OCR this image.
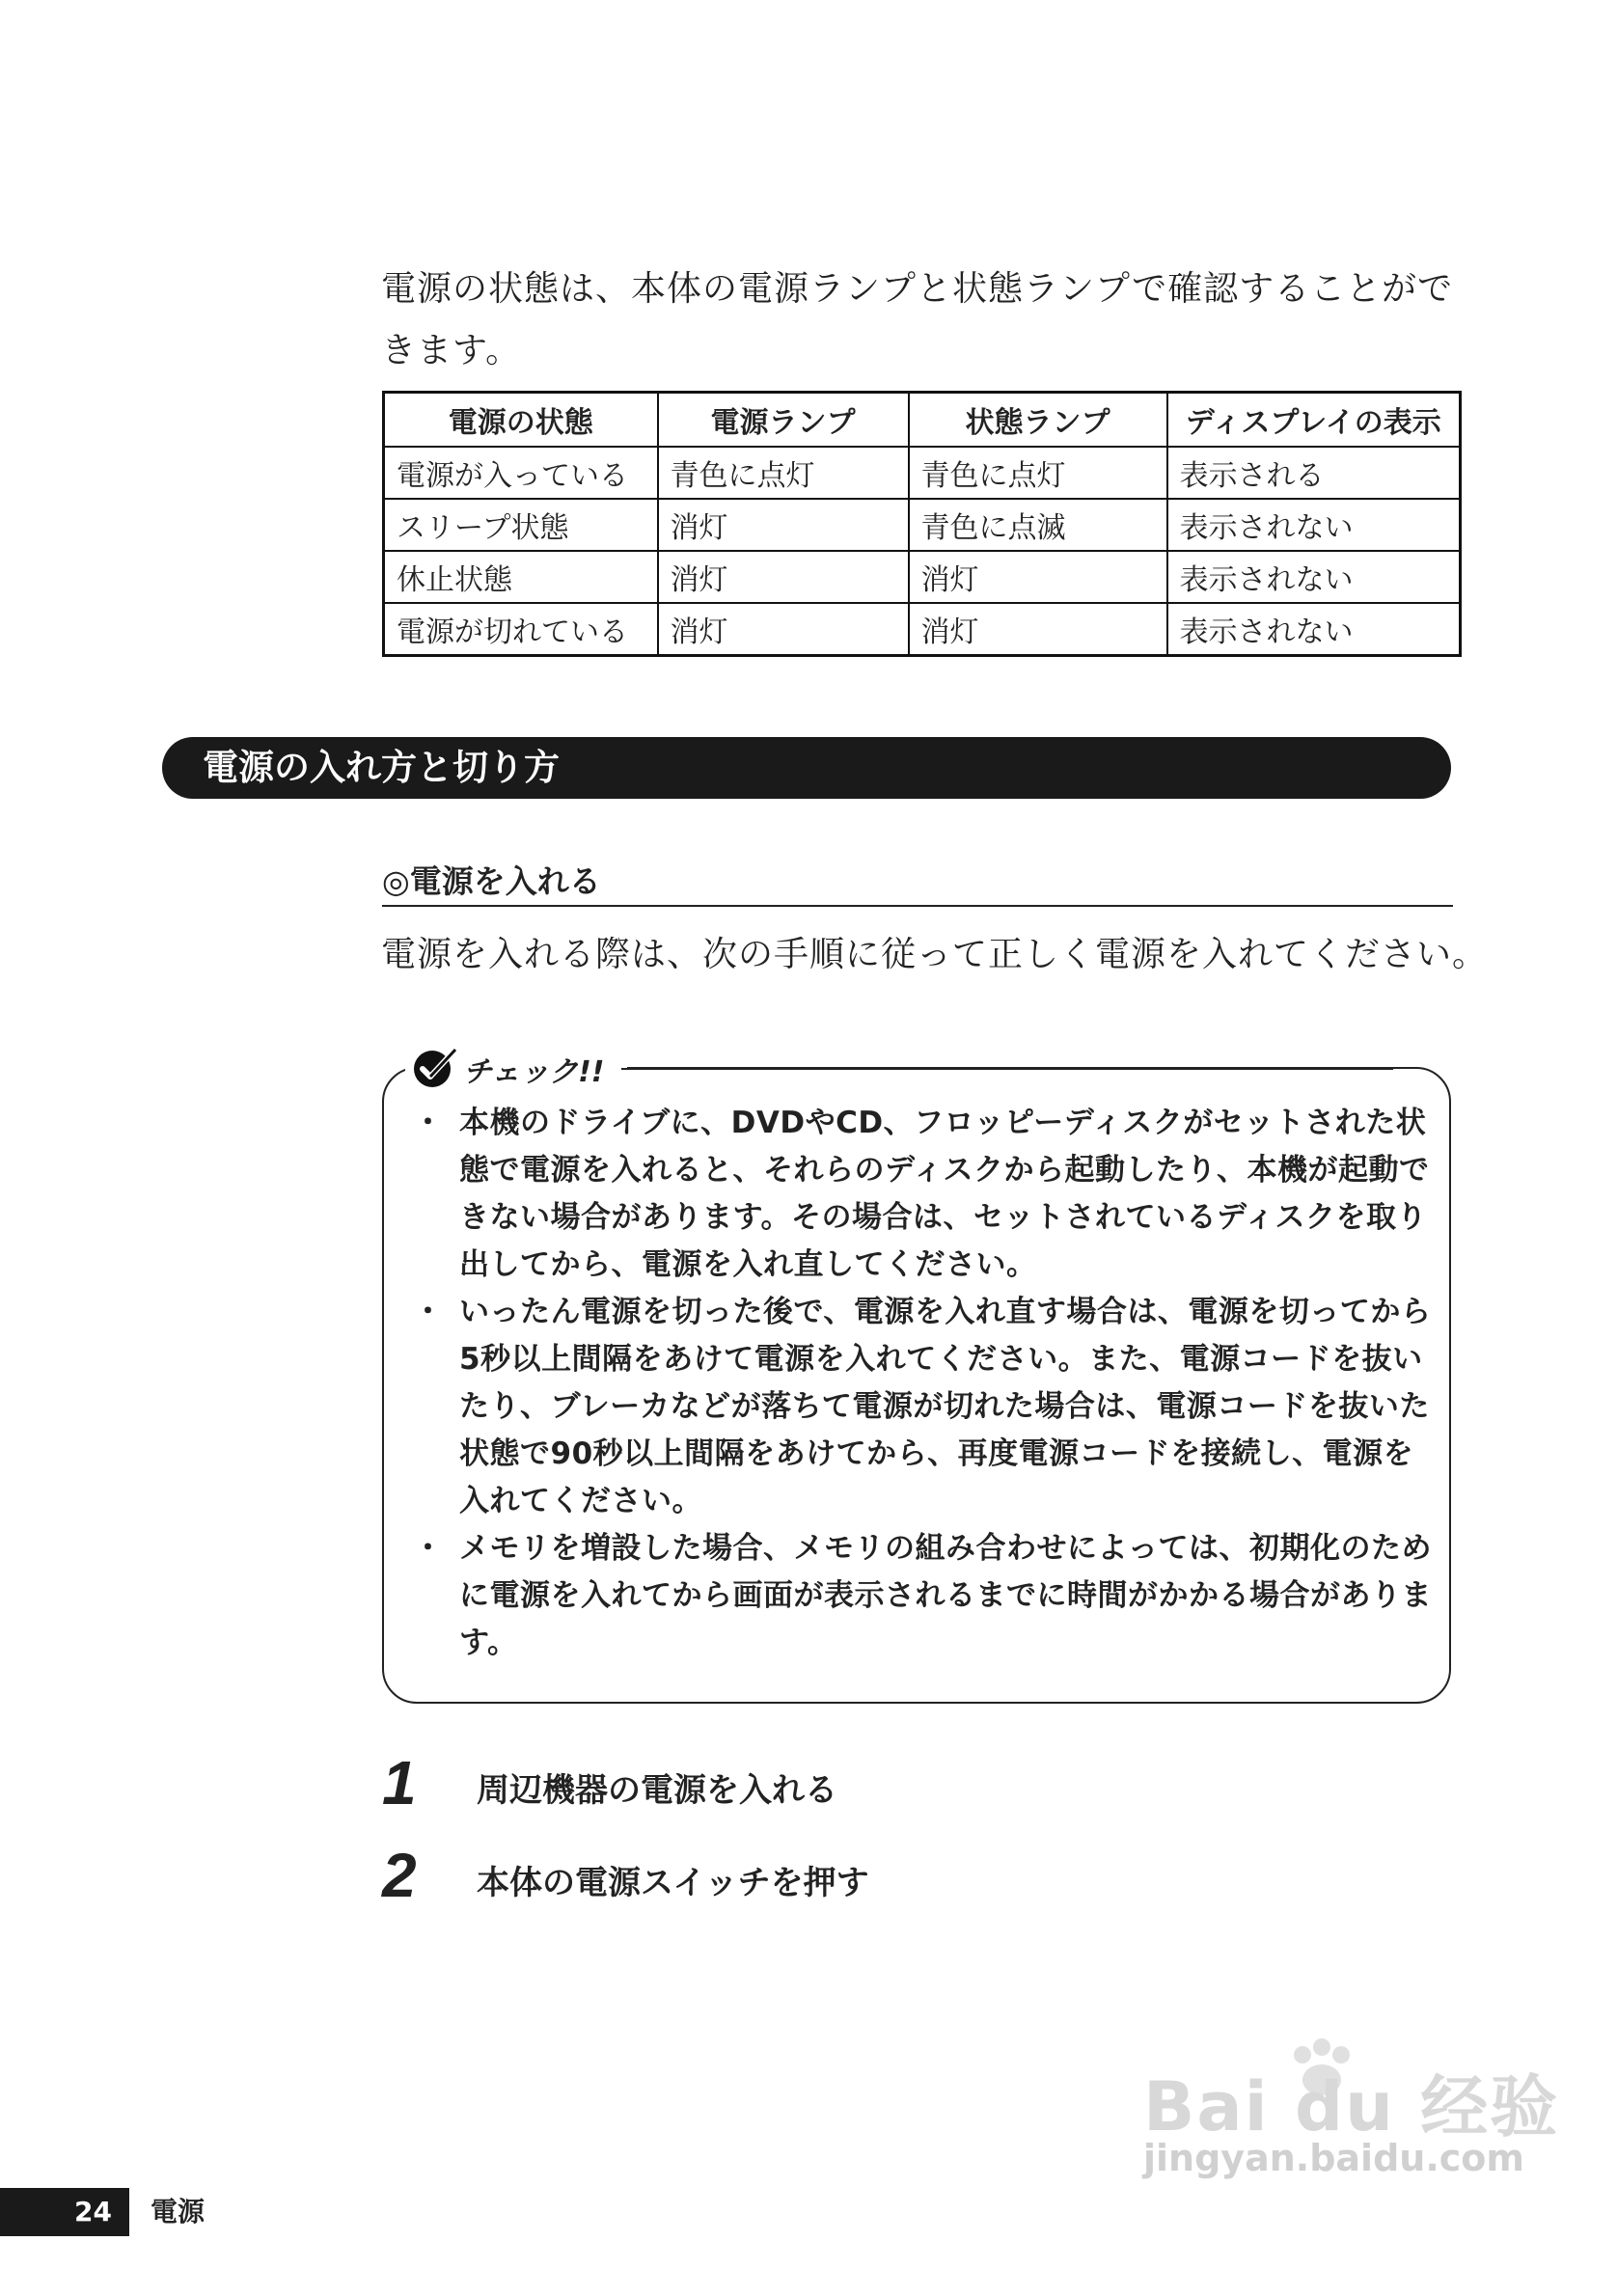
電源の状態は、本体の電源ランプと状態ランプで確認することができます。
電源の状態	電源ランプ	状態ランプ	ディスプレイの表示
電源が入っている	青色に点灯	青色に点灯	表示される
スリープ状態	消灯	青色に点滅	表示されない
休止状態	消灯	消灯	表示されない
電源が切れている	消灯	消灯	表示されない
電源の入れ方と切り方
◎電源を入れる
電源を入れる際は、次の手順に従って正しく電源を入れてください。
チェック!!
・ 本機のドライブに、DVDやCD、フロッピーディスクがセットされた状態で電源を入れると、それらのディスクから起動したり、本機が起動できない場合があります。その場合は、セットされているディスクを取り出してから、電源を入れ直してください。
・ いったん電源を切った後で、電源を入れ直す場合は、電源を切ってから5秒以上間隔をあけて電源を入れてください。また、電源コードを抜いたり、ブレーカなどが落ちて電源が切れた場合は、電源コードを抜いた状態で90秒以上間隔をあけてから、再度電源コードを接続し、電源を入れてください。
・ メモリを増設した場合、メモリの組み合わせによっては、初期化のために電源を入れてから画面が表示されるまでに時間がかかる場合があります。
1 周辺機器の電源を入れる
2 本体の電源スイッチを押す
24	電源
Bai du 经验
jingyan.baidu.com
